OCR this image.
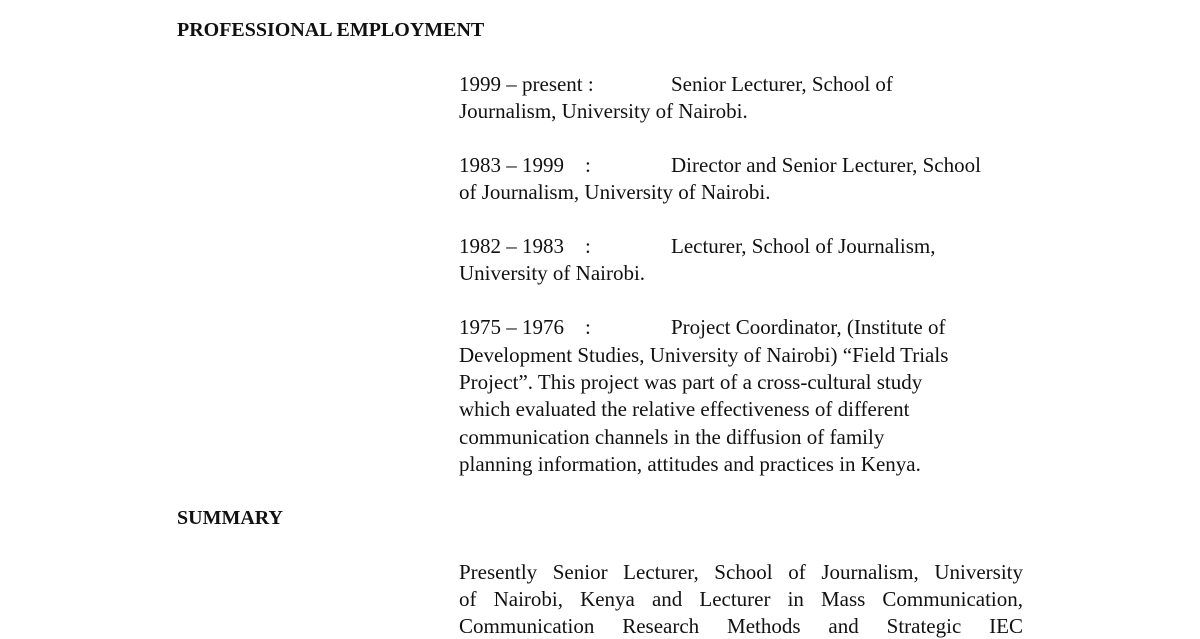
PROFESSIONAL EMPLOYMENT
1999 – present :	Senior Lecturer, School of
Journalism, University of Nairobi.
1983 – 1999    :	Director and Senior Lecturer, School
of Journalism, University of Nairobi.
1982 – 1983    :	Lecturer, School of Journalism,
University of Nairobi.
1975 – 1976    :	Project Coordinator, (Institute of
Development Studies, University of Nairobi) “Field Trials
Project”. This project was part of a cross-cultural study
which evaluated the relative effectiveness of different
communication channels in the diffusion of family
planning information, attitudes and practices in Kenya.
SUMMARY
Presently Senior Lecturer, School of Journalism, University
of Nairobi, Kenya and Lecturer in Mass Communication,
Communication Research Methods and Strategic IEC
